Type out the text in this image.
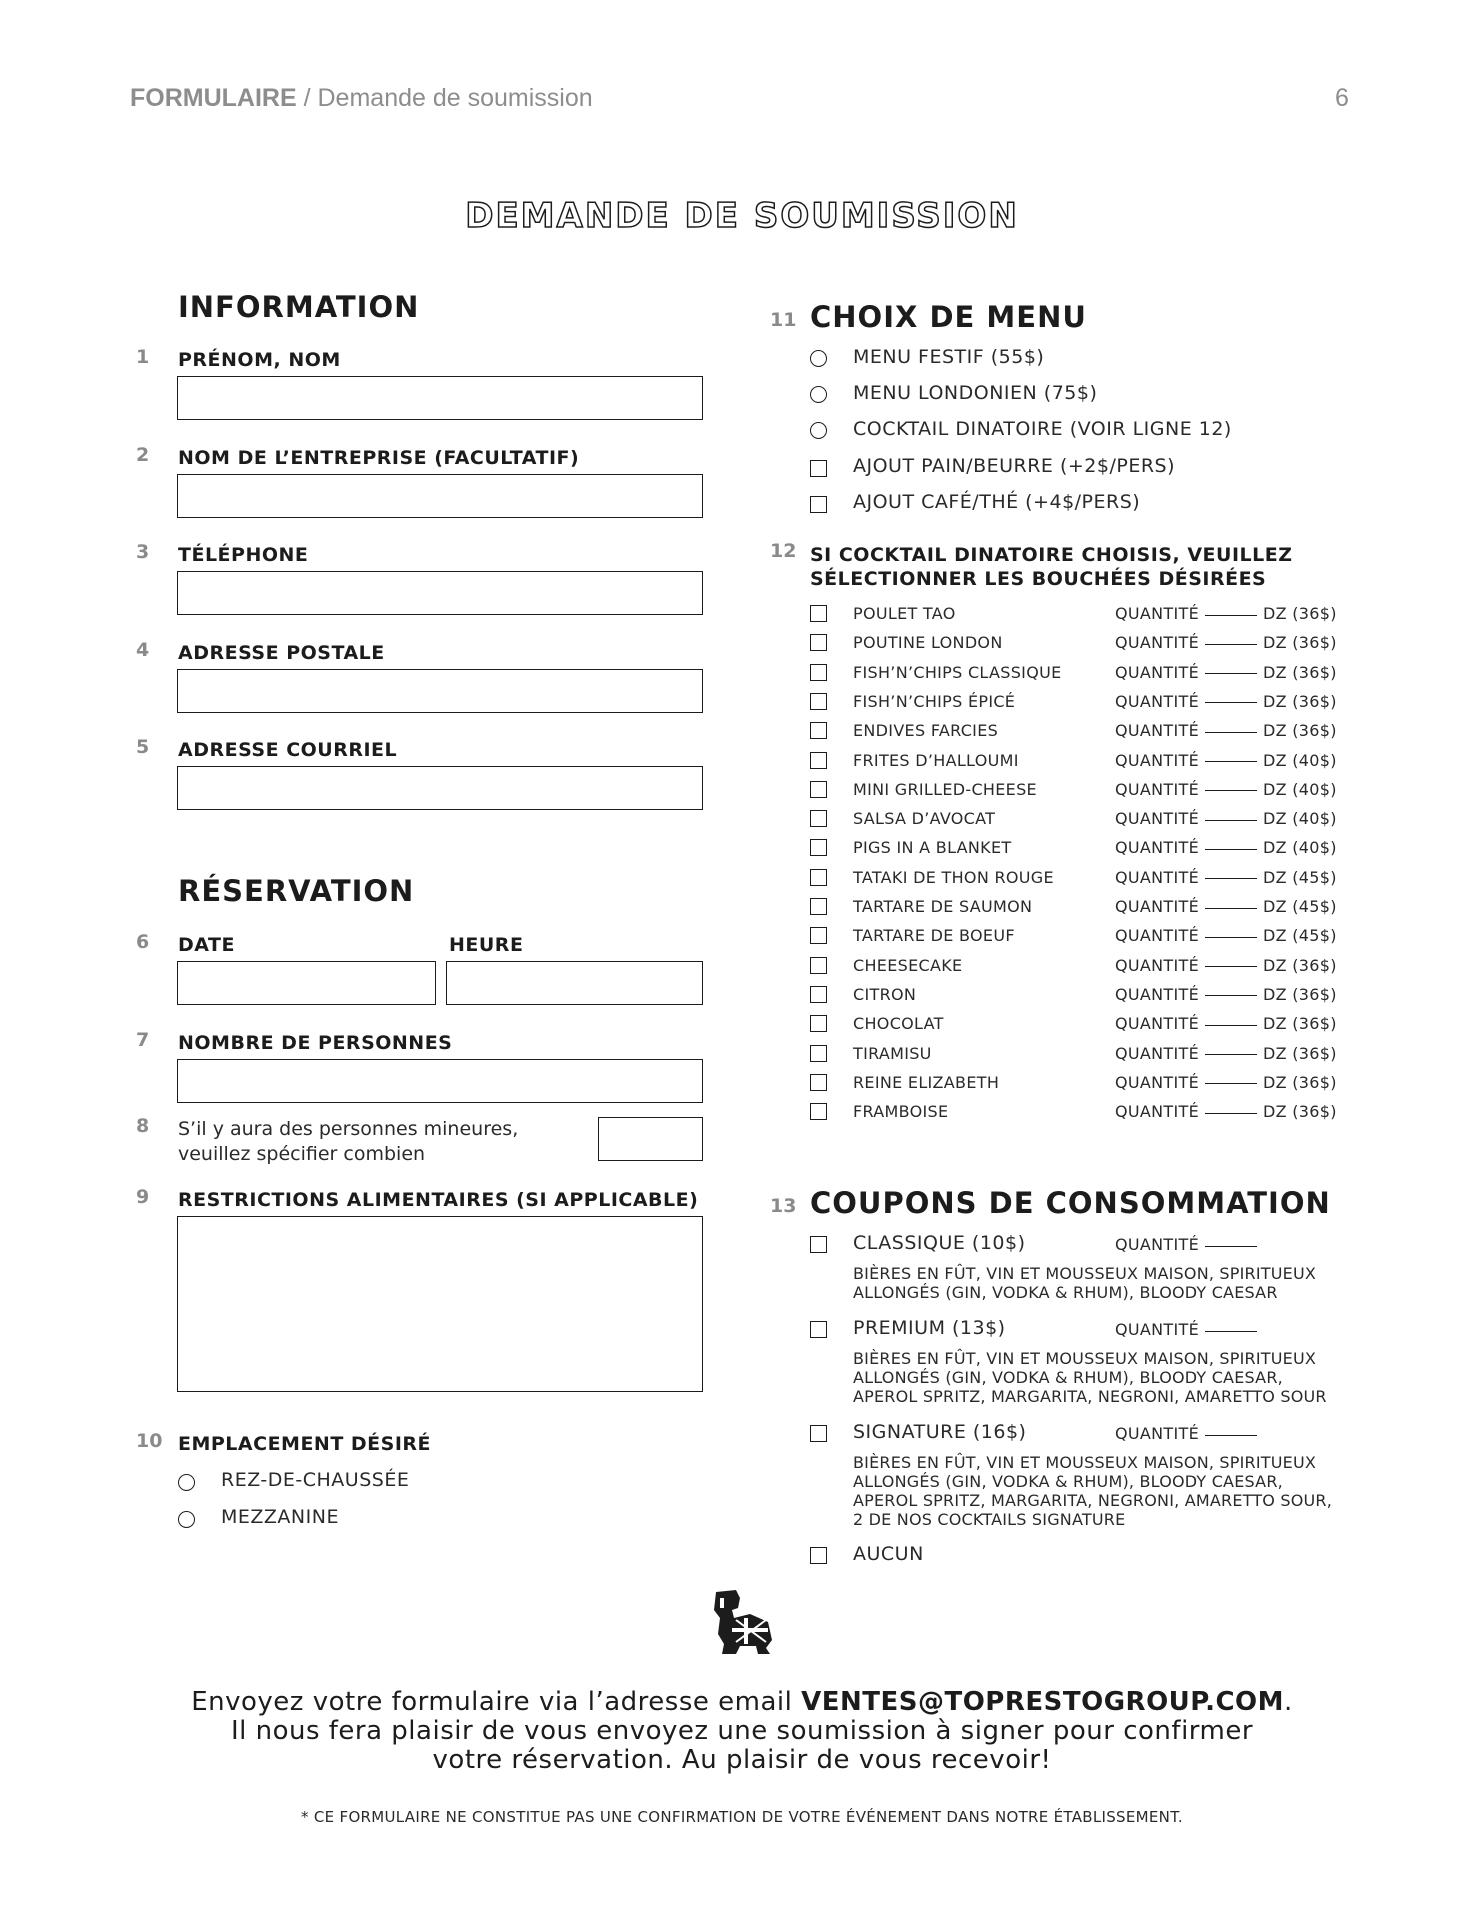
FORMULAIRE / Demande de soumission	6
DEMANDE DE SOUMISSION
INFORMATION
1	PRÉNOM, NOM
2	NOM DE L’ENTREPRISE (FACULTATIF)
3	TÉLÉPHONE
4	ADRESSE POSTALE
5	ADRESSE COURRIEL
RÉSERVATION
6	DATE	HEURE
7	NOMBRE DE PERSONNES
8	S’il y aura des personnes mineures,
veuillez spécifier combien
9	RESTRICTIONS ALIMENTAIRES (SI APPLICABLE)
10 EMPLACEMENT DÉSIRÉ
REZ-DE-CHAUSSÉE
MEZZANINE
11 CHOIX DE MENU
MENU FESTIF (55$)
MENU LONDONIEN (75$)
COCKTAIL DINATOIRE (VOIR LIGNE 12)
AJOUT PAIN/BEURRE (+2$/PERS)
AJOUT CAFÉ/THÉ (+4$/PERS)
12 SI COCKTAIL DINATOIRE CHOISIS, VEUILLEZ
SÉLECTIONNER LES BOUCHÉES DÉSIRÉES
POULET TAO	QUANTITÉ	DZ (36$)
POUTINE LONDON	QUANTITÉ	DZ (36$)
FISH’N’CHIPS CLASSIQUE	QUANTITÉ	DZ (36$)
FISH’N’CHIPS ÉPICÉ	QUANTITÉ	DZ (36$)
ENDIVES FARCIES	QUANTITÉ	DZ (36$)
FRITES D’HALLOUMI	QUANTITÉ	DZ (40$)
MINI GRILLED-CHEESE	QUANTITÉ	DZ (40$)
SALSA D’AVOCAT	QUANTITÉ	DZ (40$)
PIGS IN A BLANKET	QUANTITÉ	DZ (40$)
TATAKI DE THON ROUGE	QUANTITÉ	DZ (45$)
TARTARE DE SAUMON	QUANTITÉ	DZ (45$)
TARTARE DE BOEUF	QUANTITÉ	DZ (45$)
CHEESECAKE	QUANTITÉ	DZ (36$)
CITRON	QUANTITÉ	DZ (36$)
CHOCOLAT	QUANTITÉ	DZ (36$)
TIRAMISU	QUANTITÉ	DZ (36$)
REINE ELIZABETH	QUANTITÉ	DZ (36$)
FRAMBOISE	QUANTITÉ	DZ (36$)
13 COUPONS DE CONSOMMATION
CLASSIQUE (10$)	QUANTITÉ
BIÈRES EN FÛT, VIN ET MOUSSEUX MAISON, SPIRITUEUX
ALLONGÉS (GIN, VODKA & RHUM), BLOODY CAESAR
PREMIUM (13$)	QUANTITÉ
BIÈRES EN FÛT, VIN ET MOUSSEUX MAISON, SPIRITUEUX
ALLONGÉS (GIN, VODKA & RHUM), BLOODY CAESAR,
APEROL SPRITZ, MARGARITA, NEGRONI, AMARETTO SOUR
SIGNATURE (16$)	QUANTITÉ
BIÈRES EN FÛT, VIN ET MOUSSEUX MAISON, SPIRITUEUX
ALLONGÉS (GIN, VODKA & RHUM), BLOODY CAESAR,
APEROL SPRITZ, MARGARITA, NEGRONI, AMARETTO SOUR,
2 DE NOS COCKTAILS SIGNATURE
AUCUN
Envoyez votre formulaire via l’adresse email VENTES@TOPRESTOGROUP.COM.
Il nous fera plaisir de vous envoyez une soumission à signer pour confirmer
votre réservation. Au plaisir de vous recevoir!
* CE FORMULAIRE NE CONSTITUE PAS UNE CONFIRMATION DE VOTRE ÉVÉNEMENT DANS NOTRE ÉTABLISSEMENT.
